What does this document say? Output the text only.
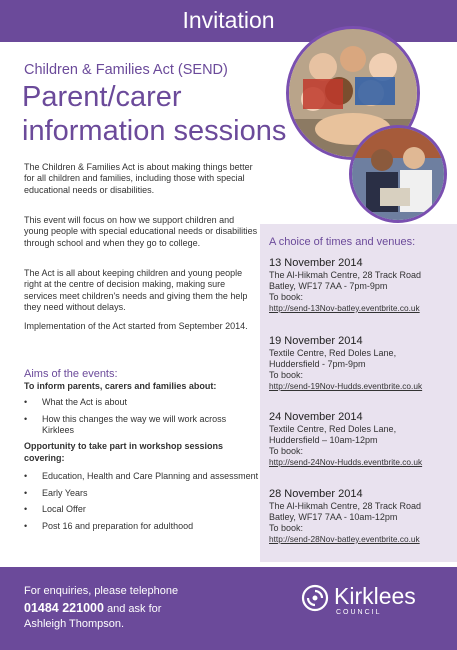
Invitation
Children & Families Act (SEND)
Parent/carer
information sessions

The Children & Families Act is about making things better for all children and families, including those with special educational needs or disabilities.

This event will focus on how we support children and young people with special educational needs or disabilities through school and when they go to college.

The Act is all about keeping children and young people right at the centre of decision making, making sure services meet children's needs and giving them the help they need without delays.

Implementation of the Act started from September 2014.

Aims of the events:
To inform parents, carers and families about:
• What the Act is about
• How this changes the way we will work across Kirklees
Opportunity to take part in workshop sessions covering:
• Education, Health and Care Planning and assessment
• Early Years
• Local Offer
• Post 16 and preparation for adulthood
A choice of times and venues:
13 November 2014
The Al-Hikmah Centre, 28 Track Road
Batley, WF17 7AA - 7pm-9pm
To book:
http://send-13Nov-batley.eventbrite.co.uk
19 November 2014
Textile Centre, Red Doles Lane,
Huddersfield - 7pm-9pm
To book:
http://send-19Nov-Hudds.eventbrite.co.uk
24 November 2014
Textile Centre, Red Doles Lane,
Huddersfield – 10am-12pm
To book:
http://send-24Nov-Hudds.eventbrite.co.uk
28 November 2014
The Al-Hikmah Centre, 28 Track Road
Batley, WF17 7AA - 10am-12pm
To book:
http://send-28Nov-batley.eventbrite.co.uk
For enquiries, please telephone
01484 221000 and ask for
Ashleigh Thompson.
Kirklees
COUNCIL
